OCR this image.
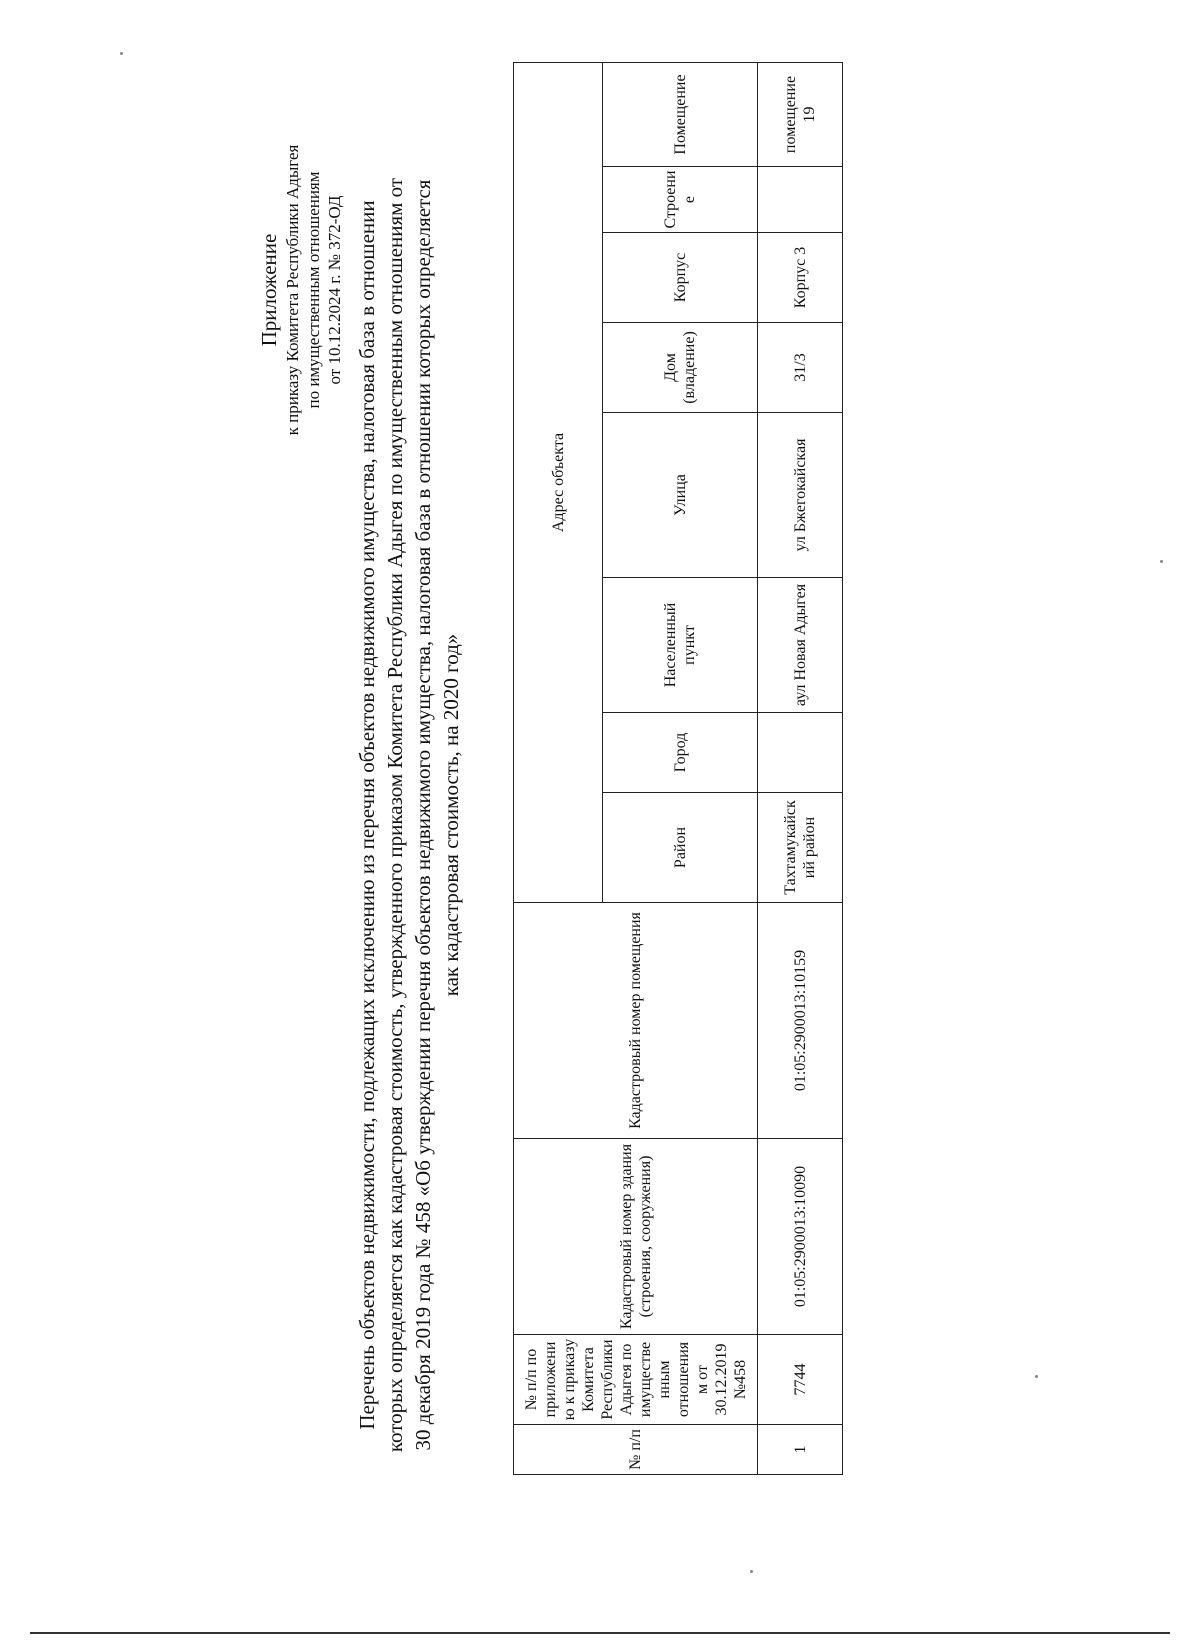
Приложение к приказу Комитета Республики Адыгея по имущественным отношениям от 10.12.2024 г. № 372-ОД Перечень объектов недвижимости, подлежащих исключению из перечня объектов недвижимого имущества, налоговая база в отношении которых определяется как кадастровая стоимость, утвержденного приказом Комитета Республики Адыгея по имущественным отношениям от 30 декабря 2019 года № 458 «Об утверждении перечня объектов недвижимого имущества, налоговая база в отношении которых определяется как кадастровая стоимость, на 2020 год»
№ п/п	№ п/п по приложению к приказу Комитета Республики Адыгея по имущественным отношениям от 30.12.2019 №458	Кадастровый номер здания (строения, сооружения)	Кадастровый номер помещения	Адрес объекта							
				Район	Город	Населенный пункт	Улица	Дом (владение)	Корпус	Строение	Помещение
1	7744	01:05:2900013:10090	01:05:2900013:10159	Тахтамукайский район		аул Новая Адыгея	ул Бжегокайская	31/3	Корпус 3		помещение 19
